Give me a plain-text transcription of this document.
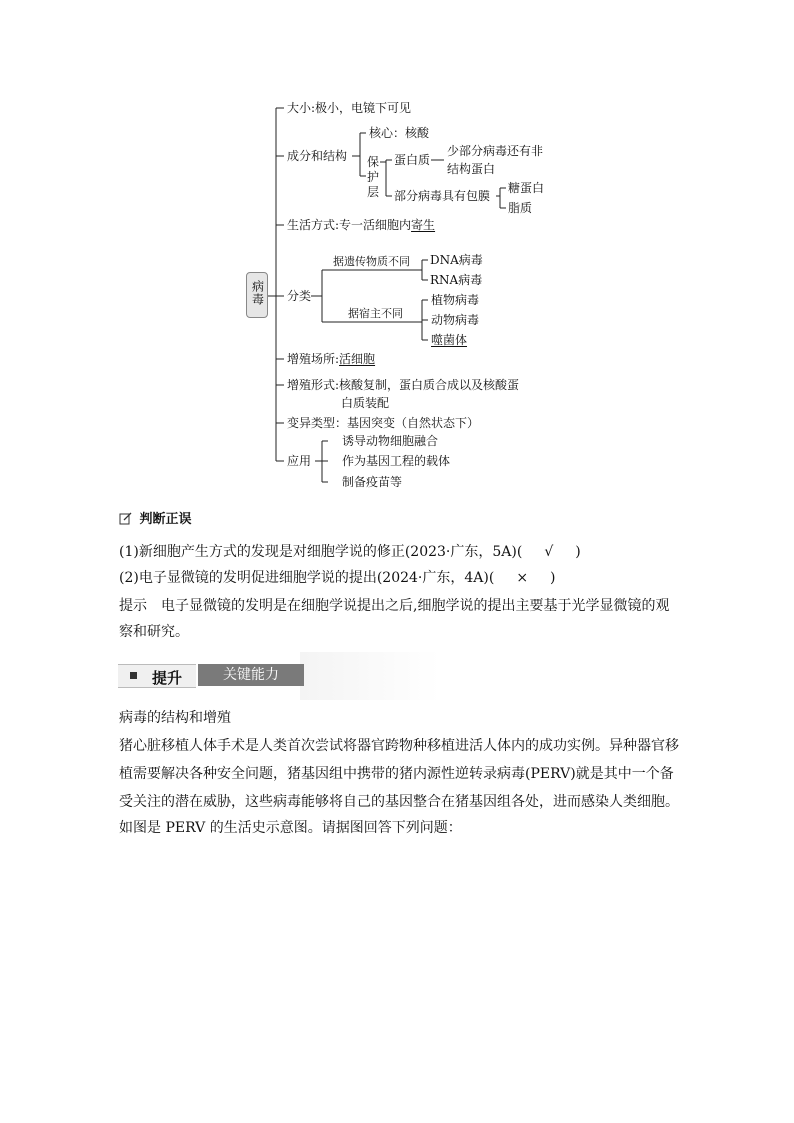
病毒
大小:极小，电镜下可见
成分和结构
核心：核酸
保
护
层
蛋白质
少部分病毒还有非
结构蛋白
部分病毒具有包膜
糖蛋白
脂质
生活方式:专一活细胞内寄生
分类
据遗传物质不同 DNA病毒
RNA病毒
据宿主不同
植物病毒
动物病毒
噬菌体
增殖场所:活细胞
增殖形式:核酸复制，蛋白质合成以及核酸蛋
白质装配
变异类型：基因突变（自然状态下）
应用
诱导动物细胞融合
作为基因工程的载体
制备疫苗等
判断正误
(1)新细胞产生方式的发现是对细胞学说的修正(2023·广东，5A)(　√　)
(2)电子显微镜的发明促进细胞学说的提出(2024·广东，4A)(　×　)
提示　电子显微镜的发明是在细胞学说提出之后,细胞学说的提出主要基于光学显微镜的观
察和研究。
提升	关键能力
病毒的结构和增殖
猪心脏移植人体手术是人类首次尝试将器官跨物种移植进活人体内的成功实例。异种器官移
植需要解决各种安全问题，猪基因组中携带的猪内源性逆转录病毒(PERV)就是其中一个备
受关注的潜在威胁，这些病毒能够将自己的基因整合在猪基因组各处，进而感染人类细胞。
如图是 PERV 的生活史示意图。请据图回答下列问题：
